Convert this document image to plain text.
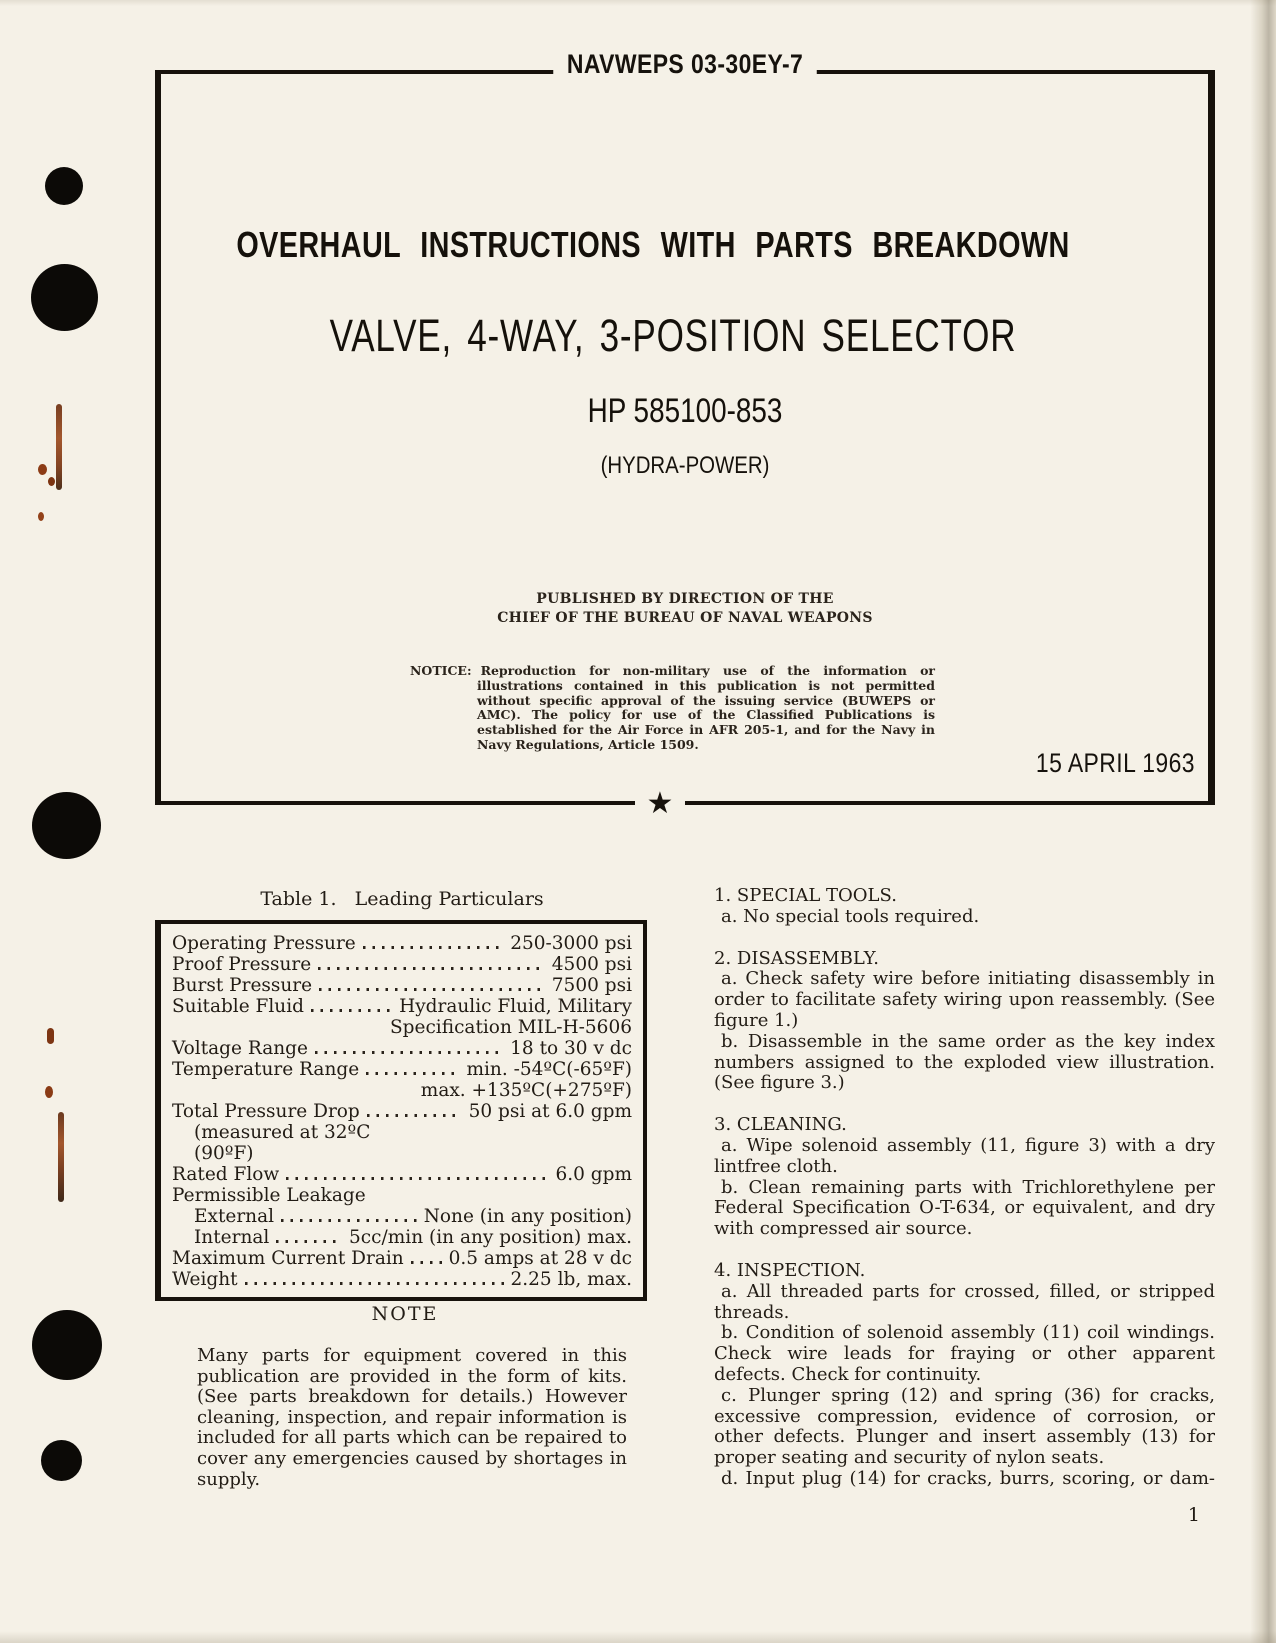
NAVWEPS 03-30EY-7
OVERHAUL INSTRUCTIONS WITH PARTS BREAKDOWN
VALVE, 4-WAY, 3-POSITION SELECTOR
HP 585100-853
(HYDRA-POWER)
PUBLISHED BY DIRECTION OF THE
CHIEF OF THE BUREAU OF NAVAL WEAPONS
NOTICE: Reproduction for non-military use of the information or illustrations contained in this publication is not permitted without specific approval of the issuing service (BUWEPS or AMC). The policy for use of the Classified Publications is established for the Air Force in AFR 205-1, and for the Navy in Navy Regulations, Article 1509.
15 APRIL 1963
★
Table 1.   Leading Particulars
Operating Pressure	250-3000 psi
Proof Pressure	4500 psi
Burst Pressure	7500 psi
Suitable Fluid	Hydraulic Fluid, Military
Specification MIL-H-5606
Voltage Range	18 to 30 v dc
Temperature Range	min. -54ºC(-65ºF)
max. +135ºC(+275ºF)
Total Pressure Drop	50 psi at 6.0 gpm
(measured at 32ºC
(90ºF)
Rated Flow	6.0 gpm
Permissible Leakage
External	None (in any position)
Internal	5cc/min (in any position) max.
Maximum Current Drain 0.5 amps at 28 v dc
Weight	2.25 lb, max.
NOTE
Many parts for equipment covered in this publication are provided in the form of kits. (See parts breakdown for details.) However cleaning, inspection, and repair information is included for all parts which can be repaired to cover any emergencies caused by shortages in supply.
1. SPECIAL TOOLS.
a. No special tools required.
2. DISASSEMBLY.
a. Check safety wire before initiating disassembly in order to facilitate safety wiring upon reassembly. (See figure 1.)
b. Disassemble in the same order as the key index numbers assigned to the exploded view illustration. (See figure 3.)
3. CLEANING.
a. Wipe solenoid assembly (11, figure 3) with a dry lintfree cloth.
b. Clean remaining parts with Trichlorethylene per Federal Specification O-T-634, or equivalent, and dry with compressed air source.
4. INSPECTION.
a. All threaded parts for crossed, filled, or stripped threads.
b. Condition of solenoid assembly (11) coil windings. Check wire leads for fraying or other apparent defects. Check for continuity.
c. Plunger spring (12) and spring (36) for cracks, excessive compression, evidence of corrosion, or other defects. Plunger and insert assembly (13) for proper seating and security of nylon seats.
d. Input plug (14) for cracks, burrs, scoring, or dam-
1
